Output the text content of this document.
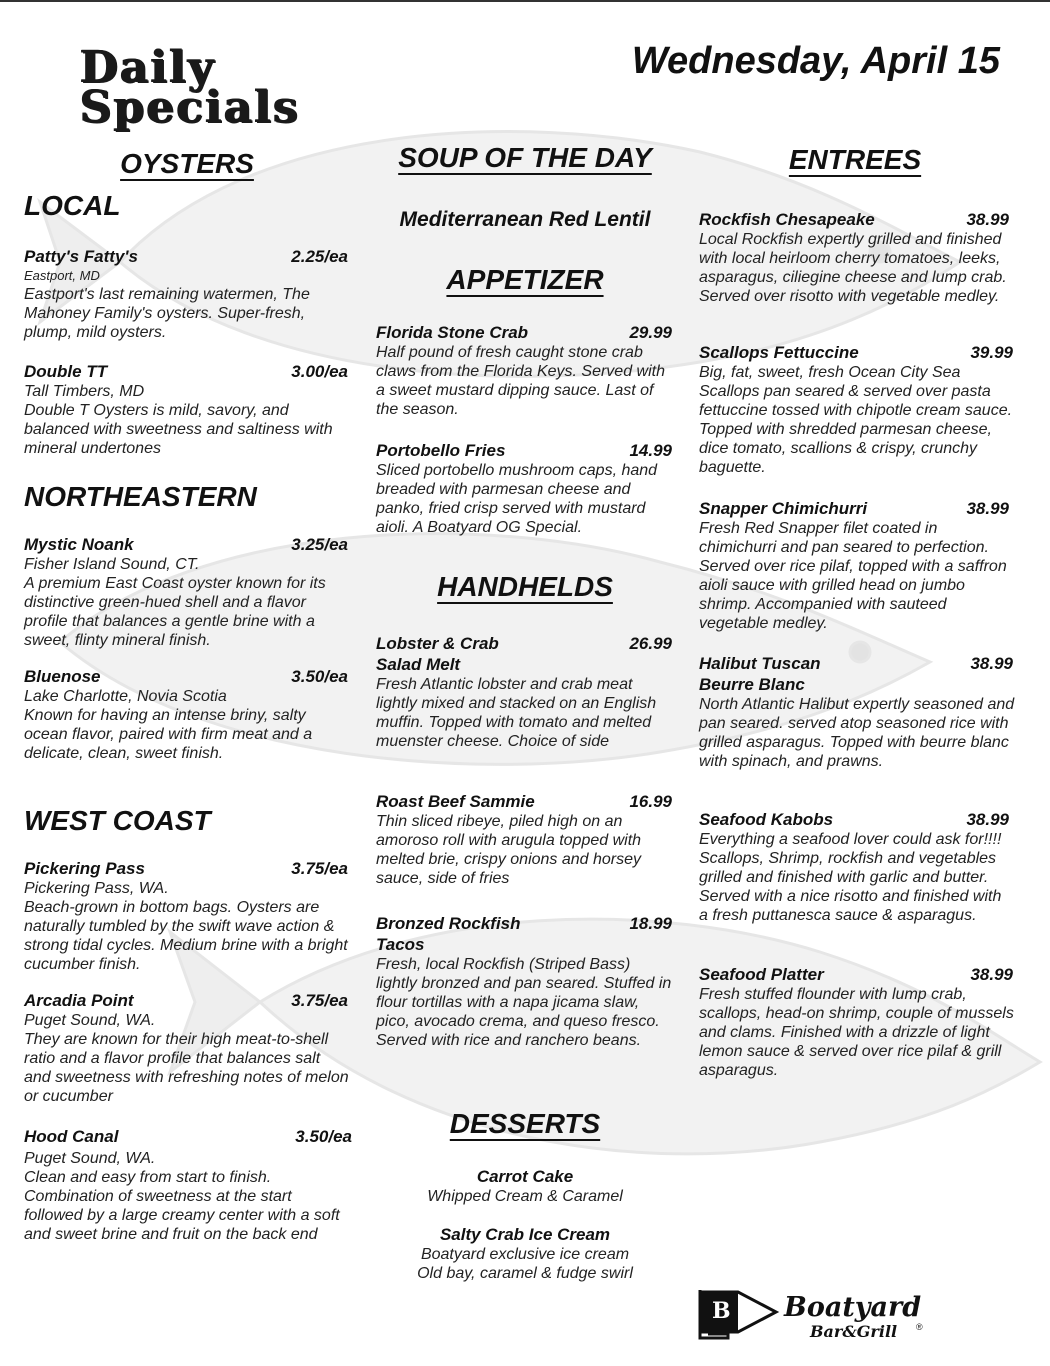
Daily
Specials
Wednesday, April 15
OYSTERS
LOCAL
Patty's Fatty's	2.25/ea
Eastport, MD
Eastport's last remaining watermen, The Mahoney Family's oysters. Super-fresh, plump, mild oysters.
Double TT	3.00/ea
Tall Timbers, MD
Double T Oysters is mild, savory, and balanced with sweetness and saltiness with mineral undertones
NORTHEASTERN
Mystic Noank	3.25/ea
Fisher Island Sound, CT.
A premium East Coast oyster known for its distinctive green-hued shell and a flavor profile that balances a gentle brine with a sweet, flinty mineral finish.
Bluenose	3.50/ea
Lake Charlotte, Novia Scotia
Known for having an intense briny, salty ocean flavor, paired with firm meat and a delicate, clean, sweet finish.
WEST COAST
Pickering Pass	3.75/ea
Pickering Pass, WA.
Beach-grown in bottom bags. Oysters are naturally tumbled by the swift wave action & strong tidal cycles. Medium brine with a bright cucumber finish.
Arcadia Point	3.75/ea
Puget Sound, WA.
They are known for their high meat-to-shell ratio and a flavor profile that balances salt and sweetness with refreshing notes of melon or cucumber
Hood Canal	3.50/ea
Puget Sound, WA.
Clean and easy from start to finish. Combination of sweetness at the start followed by a large creamy center with a soft and sweet brine and fruit on the back end
SOUP OF THE DAY
Mediterranean Red Lentil
APPETIZER
Florida Stone Crab	29.99
Half pound of fresh caught stone crab claws from the Florida Keys. Served with a sweet mustard dipping sauce. Last of the season.
Portobello Fries	14.99
Sliced portobello mushroom caps, hand breaded with parmesan cheese and panko, fried crisp served with mustard aioli. A Boatyard OG Special.
HANDHELDS
Lobster & Crab
Salad Melt
26.99
Fresh Atlantic lobster and crab meat lightly mixed and stacked on an English muffin. Topped with tomato and melted muenster cheese. Choice of side
Roast Beef Sammie	16.99
Thin sliced ribeye, piled high on an amoroso roll with arugula topped with melted brie, crispy onions and horsey sauce, side of fries
Bronzed Rockfish
Tacos
18.99
Fresh, local Rockfish (Striped Bass) lightly bronzed and pan seared. Stuffed in flour tortillas with a napa jicama slaw, pico, avocado crema, and queso fresco. Served with rice and ranchero beans.
DESSERTS
Carrot Cake
Whipped Cream & Caramel
Salty Crab Ice Cream
Boatyard exclusive ice cream
Old bay, caramel & fudge swirl
ENTREES
Rockfish Chesapeake	38.99
Local Rockfish expertly grilled and finished with local heirloom cherry tomatoes, leeks, asparagus, ciliegine cheese and lump crab. Served over risotto with vegetable medley.
Scallops Fettuccine	39.99
Big, fat, sweet, fresh Ocean City Sea Scallops pan seared & served over pasta fettuccine tossed with chipotle cream sauce. Topped with shredded parmesan cheese, dice tomato, scallions & crispy, crunchy baguette.
Snapper Chimichurri	38.99
Fresh Red Snapper filet coated in chimichurri and pan seared to perfection. Served over rice pilaf, topped with a saffron aioli sauce with grilled head on jumbo shrimp. Accompanied with sauteed vegetable medley.
Halibut Tuscan
Beurre Blanc
38.99
North Atlantic Halibut expertly seasoned and pan seared. served atop seasoned rice with grilled asparagus. Topped with beurre blanc with spinach, and prawns.
Seafood Kabobs	38.99
Everything a seafood lover could ask for!!!! Scallops, Shrimp, rockfish and vegetables grilled and finished with garlic and butter. Served with a nice risotto and finished with a fresh puttanesca sauce & asparagus.
Seafood Platter	38.99
Fresh stuffed flounder with lump crab, scallops, head-on shrimp, couple of mussels and clams. Finished with a drizzle of light lemon sauce & served over rice pilaf & grill asparagus.
B Boatyard
Bar&Grill ®
